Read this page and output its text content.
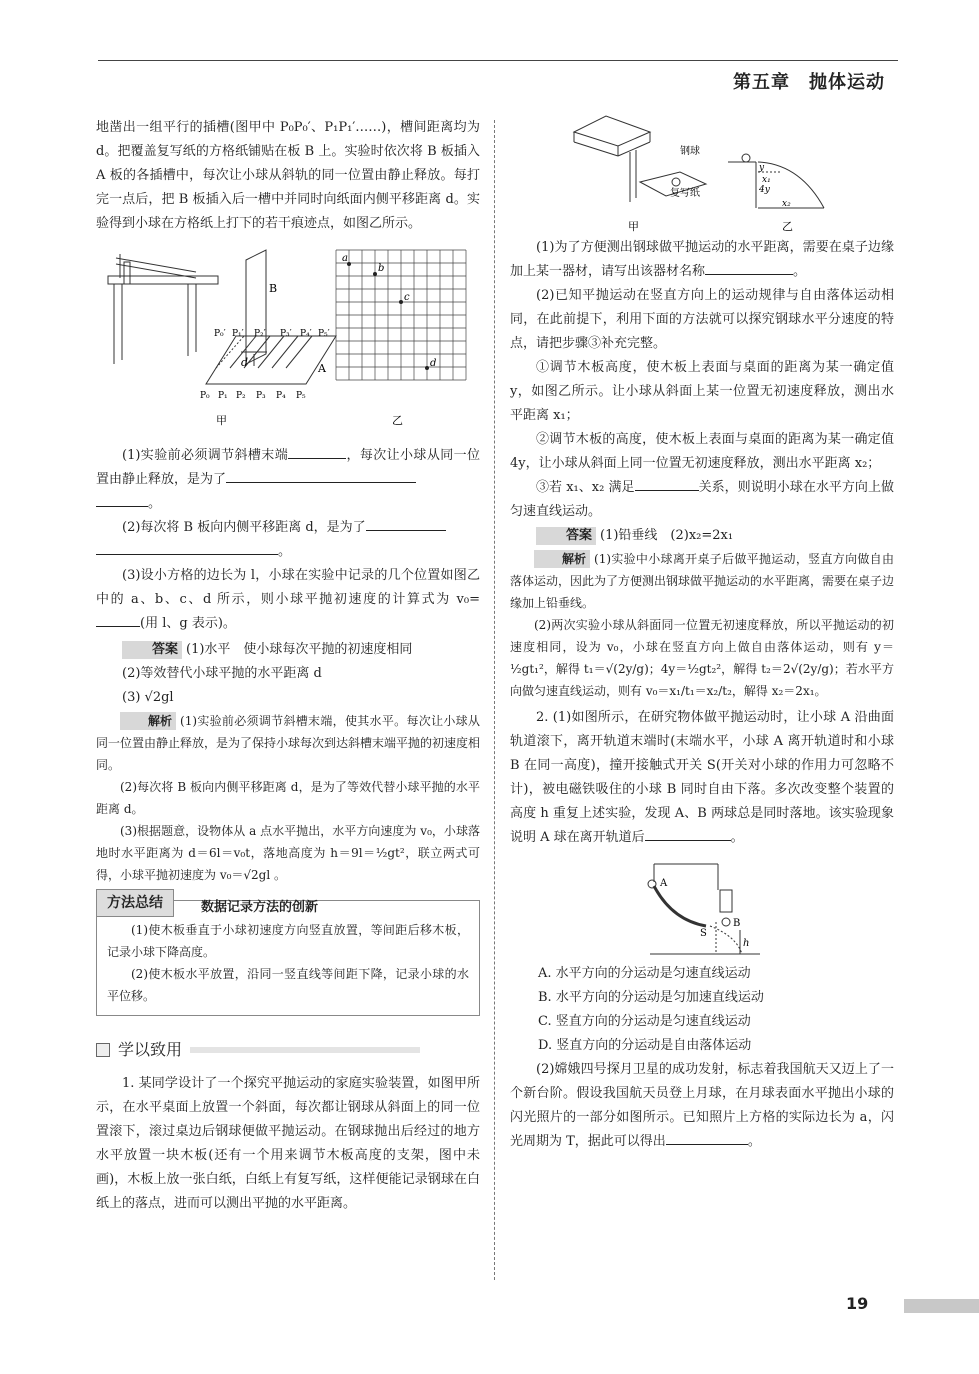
第五章　抛体运动

地凿出一组平行的插槽(图甲中 P₀P₀′、P₁P₁′……)，槽间距离均为 d。把覆盖复写纸的方格纸铺贴在板 B 上。实验时依次将 B 板插入 A 板的各插槽中，每次让小球从斜轨的同一位置由静止释放。每打完一点后，把 B 板插入后一槽中并同时向纸面内侧平移距离 d。实验得到小球在方格纸上打下的若干痕迹点，如图乙所示。

B
A
d
P₀′ P₁′ P₂′ P₃′ P₄′ P₅′
P₀ P₁ P₂ P₃ P₄ P₅
甲
a
b
c
d
乙

(1)实验前必须调节斜槽末端	，每次让小球从同一位置由静止释放，是为了
。

(2)每次将 B 板向内侧平移距离 d，是为了
。

(3)设小方格的边长为 l，小球在实验中记录的几个位置如图乙中的 a、b、c、d 所示，则小球平抛初速度的计算式为 v₀=(用 l、g 表示)。

答案 (1)水平　使小球每次平抛的初速度相同

(2)等效替代小球平抛的水平距离 d

(3) √2gl

解析 (1)实验前必须调节斜槽末端，使其水平。每次让小球从同一位置由静止释放，是为了保持小球每次到达斜槽末端平抛的初速度相同。

(2)每次将 B 板向内侧平移距离 d，是为了等效代替小球平抛的水平距离 d。

(3)根据题意，设物体从 a 点水平抛出，水平方向速度为 v₀，小球落地时水平距离为 d＝6l＝v₀t，落地高度为 h＝9l＝½gt²，联立两式可得，小球平抛初速度为 v₀＝√2gl 。

方法总结	数据记录方法的创新

(1)使木板垂直于小球初速度方向竖直放置，等间距后移木板，记录小球下降高度。

(2)使木板水平放置，沿同一竖直线等间距下降，记录小球的水平位移。

学以致用

1. 某同学设计了一个探究平抛运动的家庭实验装置，如图甲所示，在水平桌面上放置一个斜面，每次都让钢球从斜面上的同一位置滚下，滚过桌边后钢球便做平抛运动。在钢球抛出后经过的地方水平放置一块木板(还有一个用来调节木板高度的支架，图中未画)，木板上放一张白纸，白纸上有复写纸，这样便能记录钢球在白纸上的落点，进而可以测出平抛的水平距离。

钢球
复写纸
y
4y
x₁
x₂
甲	乙

(1)为了方便测出钢球做平抛运动的水平距离，需要在桌子边缘加上某一器材，请写出该器材名称	。

(2)已知平抛运动在竖直方向上的运动规律与自由落体运动相同，在此前提下，利用下面的方法就可以探究钢球水平分速度的特点，请把步骤③补充完整。

①调节木板高度，使木板上表面与桌面的距离为某一确定值 y，如图乙所示。让小球从斜面上某一位置无初速度释放，测出水平距离 x₁；

②调节木板的高度，使木板上表面与桌面的距离为某一确定值 4y，让小球从斜面上同一位置无初速度释放，测出水平距离 x₂；

③若 x₁、x₂ 满足	关系，则说明小球在水平方向上做匀速直线运动。

答案 (1)铅垂线　(2)x₂=2x₁

解析 (1)实验中小球离开桌子后做平抛运动，竖直方向做自由落体运动，因此为了方便测出钢球做平抛运动的水平距离，需要在桌子边缘加上铅垂线。

(2)两次实验小球从斜面同一位置无初速度释放，所以平抛运动的初速度相同，设为 v₀，小球在竖直方向上做自由落体运动，则有 y＝½gt₁²，解得 t₁＝√(2y/g)；4y＝½gt₂²，解得 t₂＝2√(2y/g)；若水平方向做匀速直线运动，则有 v₀＝x₁/t₁＝x₂/t₂，解得 x₂＝2x₁。

2. (1)如图所示，在研究物体做平抛运动时，让小球 A 沿曲面轨道滚下，离开轨道末端时(末端水平，小球 A 离开轨道时和小球 B 在同一高度)，撞开接触式开关 S(开关对小球的作用力可忽略不计)，被电磁铁吸住的小球 B 同时自由下落。多次改变整个装置的高度 h 重复上述实验，发现 A、B 两球总是同时落地。该实验现象说明 A 球在离开轨道后	。

A
B
S
h

A. 水平方向的分运动是匀速直线运动

B. 水平方向的分运动是匀加速直线运动

C. 竖直方向的分运动是匀速直线运动

D. 竖直方向的分运动是自由落体运动

(2)嫦娥四号探月卫星的成功发射，标志着我国航天又迈上了一个新台阶。假设我国航天员登上月球，在月球表面水平抛出小球的闪光照片的一部分如图所示。已知照片上方格的实际边长为 a，闪光周期为 T，据此可以得出	。

19
